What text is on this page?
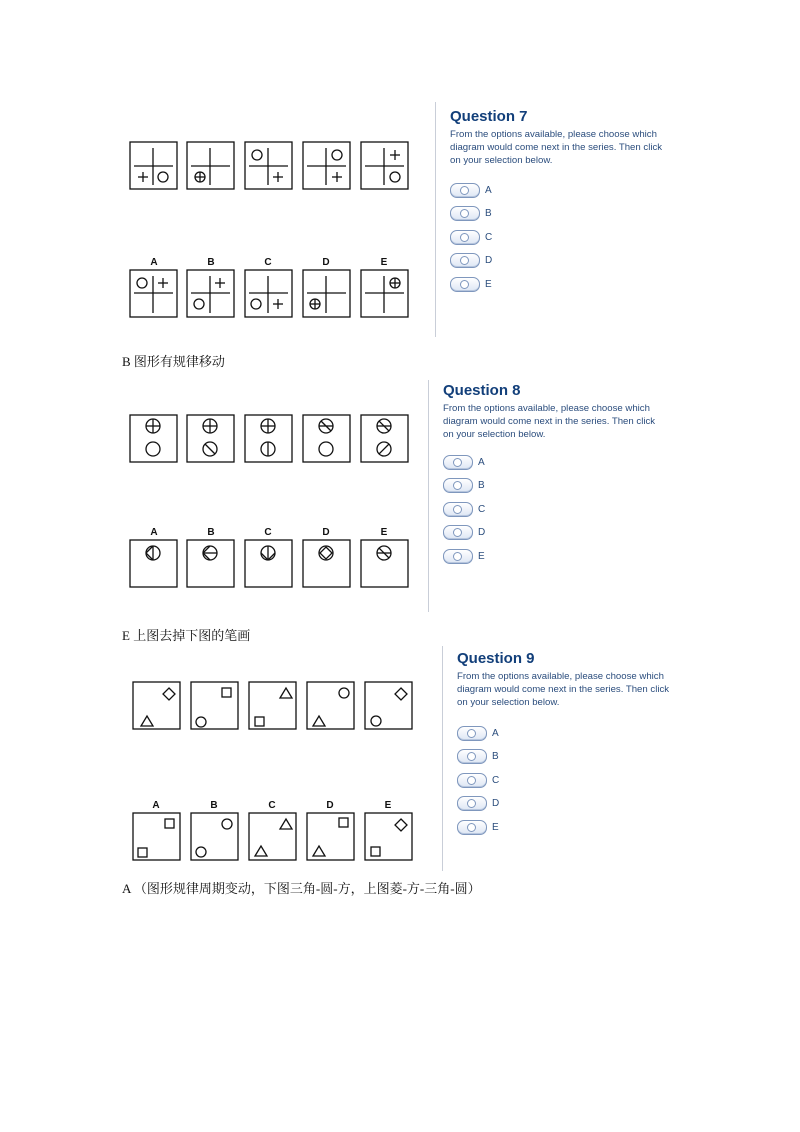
A	B	C	D	E
Question 7
From the options available, please choose which diagram would come next in the series. Then click on your selection below.
A
B
C
D
E
B 图形有规律移动
A	B	C	D	E
Question 8
From the options available, please choose which diagram would come next in the series. Then click on your selection below.
A
B
C
D
E
E 上图去掉下图的笔画
A	B	C	D	E
Question 9
From the options available, please choose which diagram would come next in the series. Then click on your selection below.
A
B
C
D
E
A （图形规律周期变动，下图三角-圆-方，上图菱-方-三角-圆）
